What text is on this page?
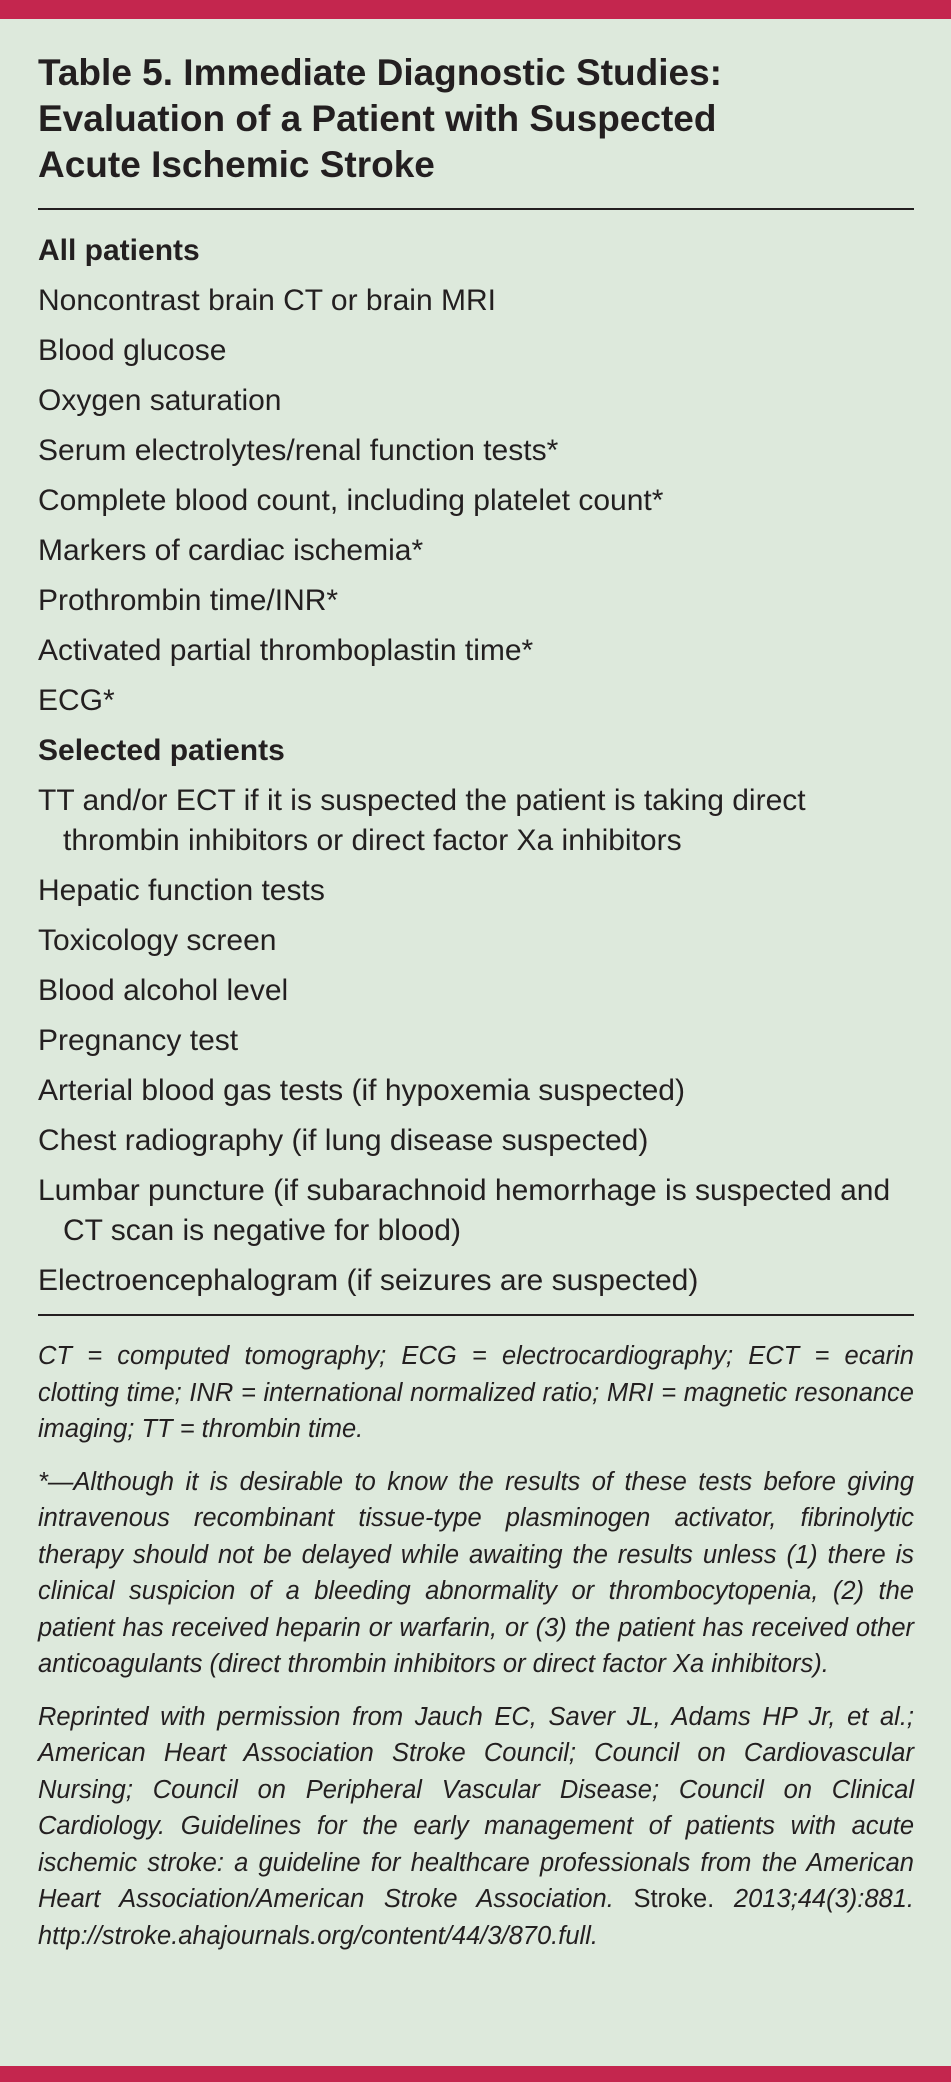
Table 5. Immediate Diagnostic Studies:
Evaluation of a Patient with Suspected
Acute Ischemic Stroke
All patients
Noncontrast brain CT or brain MRI
Blood glucose
Oxygen saturation
Serum electrolytes/renal function tests*
Complete blood count, including platelet count*
Markers of cardiac ischemia*
Prothrombin time/INR*
Activated partial thromboplastin time*
ECG*
Selected patients
TT and/or ECT if it is suspected the patient is taking direct thrombin inhibitors or direct factor Xa inhibitors
Hepatic function tests
Toxicology screen
Blood alcohol level
Pregnancy test
Arterial blood gas tests (if hypoxemia suspected)
Chest radiography (if lung disease suspected)
Lumbar puncture (if subarachnoid hemorrhage is suspected and CT scan is negative for blood)
Electroencephalogram (if seizures are suspected)

CT = computed tomography; ECG = electrocardiography; ECT = ecarin clotting time; INR = international normalized ratio; MRI = magnetic resonance imaging; TT = thrombin time.

*—Although it is desirable to know the results of these tests before giving intravenous recombinant tissue-type plasminogen activator, fibrinolytic therapy should not be delayed while awaiting the results unless (1) there is clinical suspicion of a bleeding abnormality or thrombocytopenia, (2) the patient has received heparin or warfarin, or (3) the patient has received other anticoagulants (direct thrombin inhibitors or direct factor Xa inhibitors).

Reprinted with permission from Jauch EC, Saver JL, Adams HP Jr, et al.; American Heart Association Stroke Council; Council on Cardiovascular Nursing; Council on Peripheral Vascular Disease; Council on Clinical Cardiology. Guidelines for the early management of patients with acute ischemic stroke: a guideline for healthcare professionals from the American Heart Association/American Stroke Association. Stroke. 2013;44(3):881. http://stroke.ahajournals.org/content/44/3/870.full.
